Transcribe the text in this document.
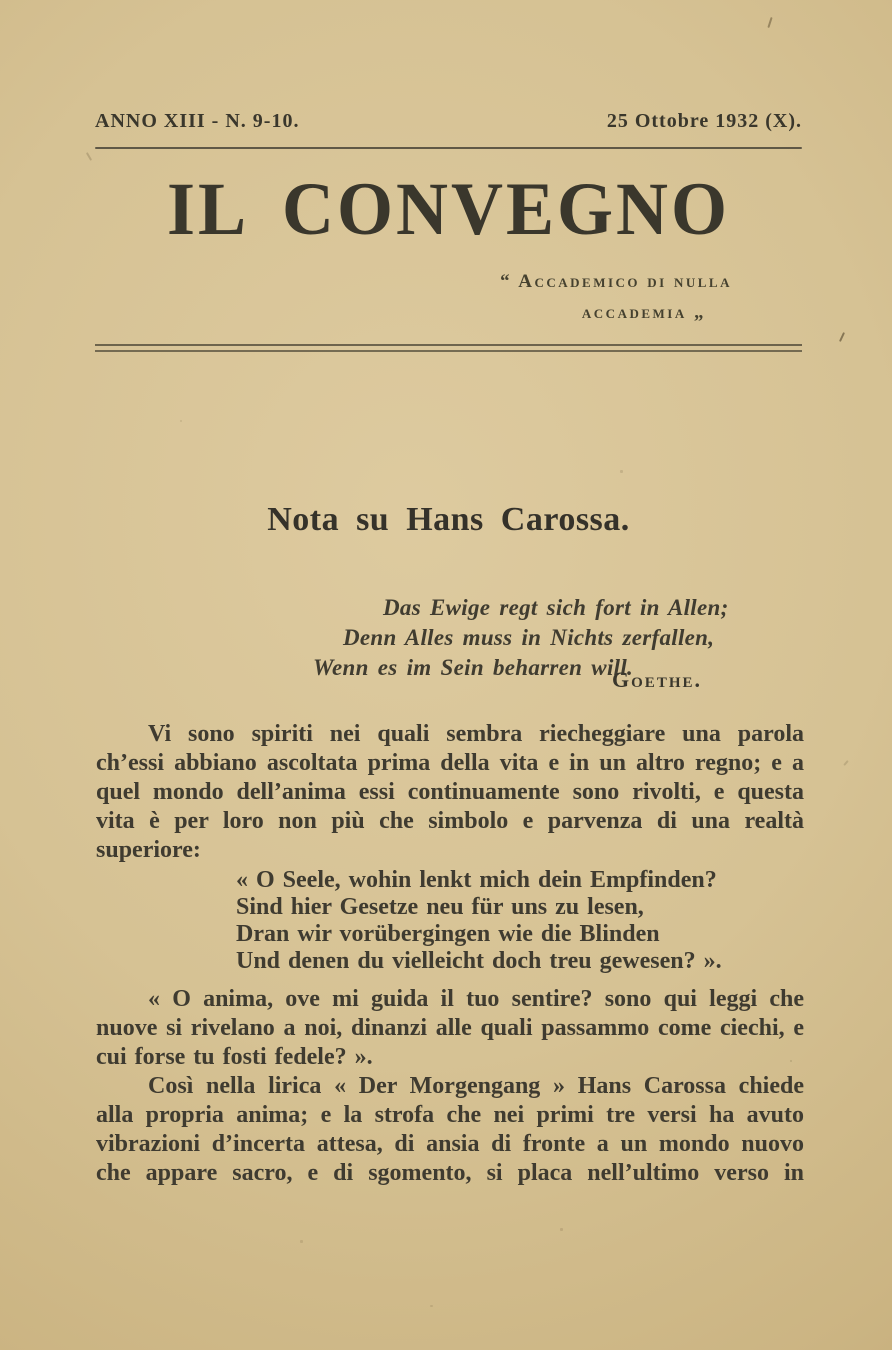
ANNO XIII - N. 9-10.	25 Ottobre 1932 (X).
IL CONVEGNO
“ Accademico di nulla
accademia „
Nota su Hans Carossa.
Das Ewige regt sich fort in Allen;
Denn Alles muss in Nichts zerfallen,
Wenn es im Sein beharren will.
Goethe.

Vi sono spiriti nei quali sembra riecheggiare una parola ch’essi abbiano ascoltata prima della vita e in un altro regno; e a quel mondo dell’anima essi continuamente sono rivolti, e questa vita è per loro non più che simbolo e parvenza di una realtà superiore:

« O Seele, wohin lenkt mich dein Empfinden?
Sind hier Gesetze neu für uns zu lesen,
Dran wir vorübergingen wie die Blinden
Und denen du vielleicht doch treu gewesen? ».

« O anima, ove mi guida il tuo sentire? sono qui leggi che nuove si rivelano a noi, dinanzi alle quali passammo come ciechi, e cui forse tu fosti fedele? ».

Così nella lirica « Der Morgengang » Hans Carossa chiede alla propria anima; e la strofa che nei primi tre versi ha avuto vibrazioni d’incerta attesa, di ansia di fronte a un mondo nuovo che appare sacro, e di sgomento, si placa nell’ultimo verso in
